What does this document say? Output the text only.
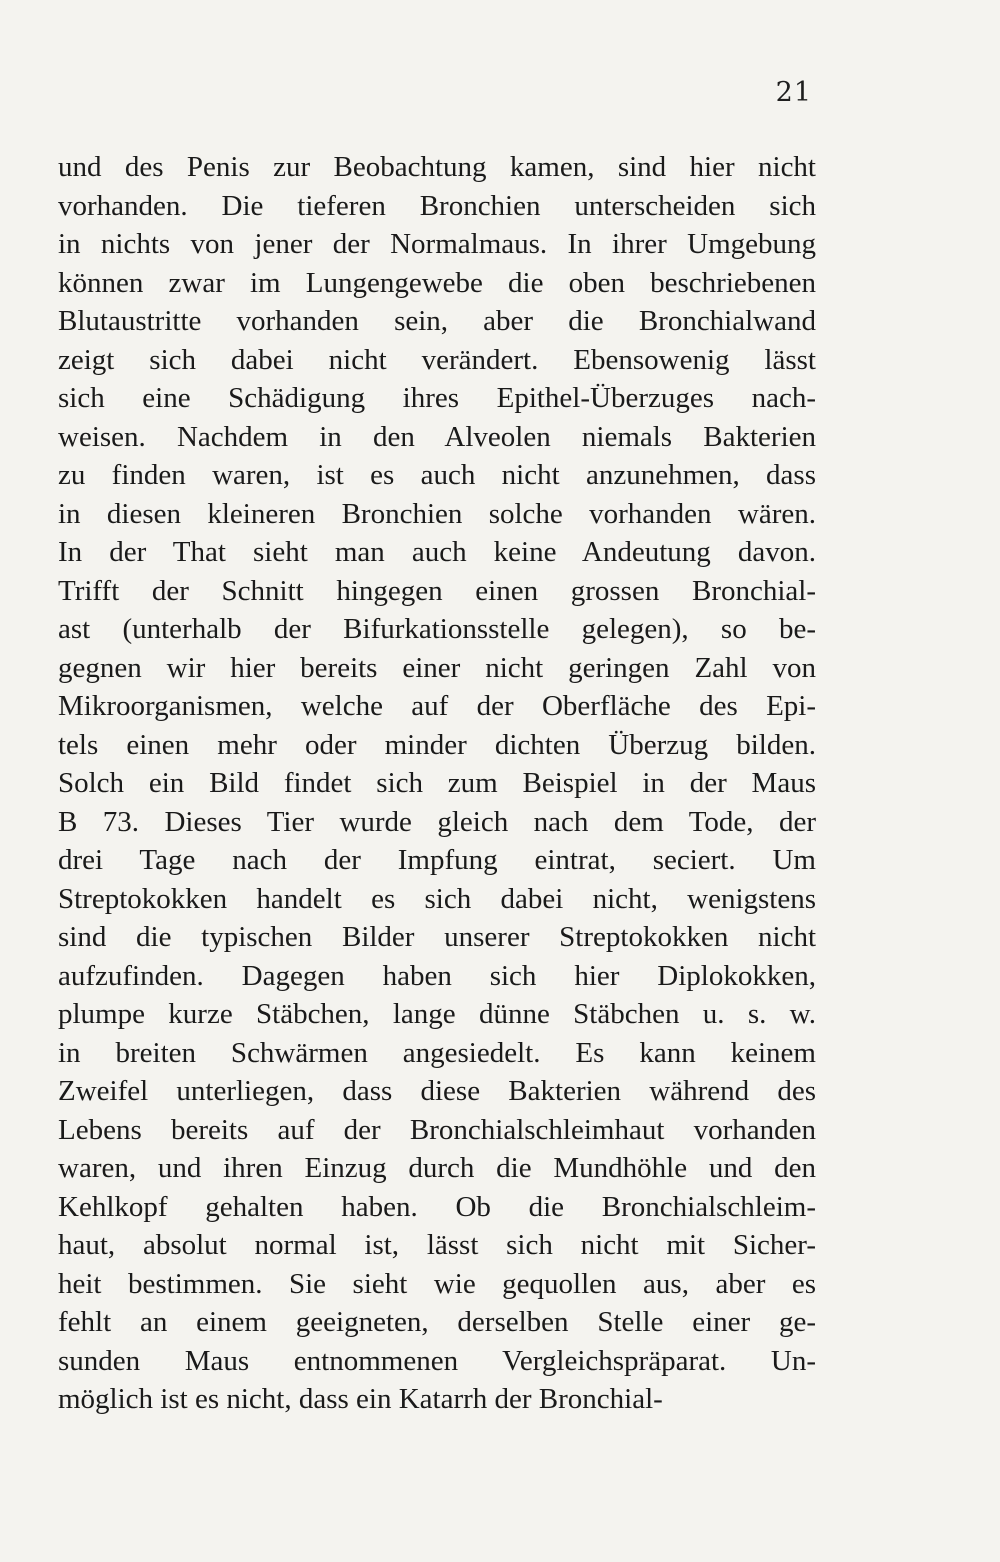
21
und des Penis zur Beobachtung kamen, sind hier nicht
vorhanden. Die tieferen Bronchien unterscheiden sich
in nichts von jener der Normalmaus. In ihrer Umgebung
können zwar im Lungengewebe die oben beschriebenen
Blutaustritte vorhanden sein, aber die Bronchialwand
zeigt sich dabei nicht verändert. Ebensowenig lässt
sich eine Schädigung ihres Epithel-Überzuges nach-
weisen. Nachdem in den Alveolen niemals Bakterien
zu finden waren, ist es auch nicht anzunehmen, dass
in diesen kleineren Bronchien solche vorhanden wären.
In der That sieht man auch keine Andeutung davon.
Trifft der Schnitt hingegen einen grossen Bronchial-
ast (unterhalb der Bifurkationsstelle gelegen), so be-
gegnen wir hier bereits einer nicht geringen Zahl von
Mikroorganismen, welche auf der Oberfläche des Epi-
tels einen mehr oder minder dichten Überzug bilden.
Solch ein Bild findet sich zum Beispiel in der Maus
B 73. Dieses Tier wurde gleich nach dem Tode, der
drei Tage nach der Impfung eintrat, seciert. Um
Streptokokken handelt es sich dabei nicht, wenigstens
sind die typischen Bilder unserer Streptokokken nicht
aufzufinden. Dagegen haben sich hier Diplokokken,
plumpe kurze Stäbchen, lange dünne Stäbchen u. s. w.
in breiten Schwärmen angesiedelt. Es kann keinem
Zweifel unterliegen, dass diese Bakterien während des
Lebens bereits auf der Bronchialschleimhaut vorhanden
waren, und ihren Einzug durch die Mundhöhle und den
Kehlkopf gehalten haben. Ob die Bronchialschleim-
haut, absolut normal ist, lässt sich nicht mit Sicher-
heit bestimmen. Sie sieht wie gequollen aus, aber es
fehlt an einem geeigneten, derselben Stelle einer ge-
sunden Maus entnommenen Vergleichspräparat. Un-
möglich ist es nicht, dass ein Katarrh der Bronchial-
